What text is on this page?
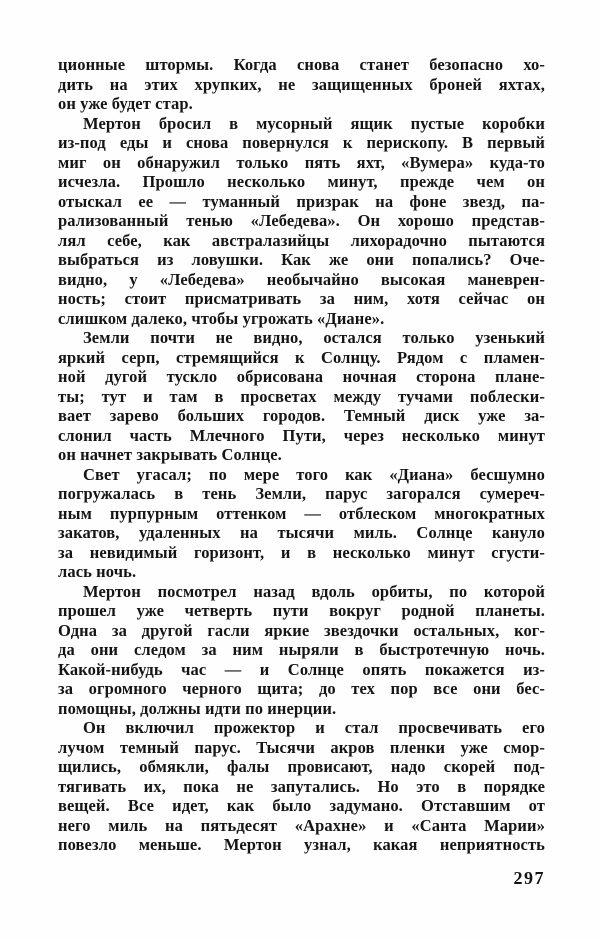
ционные штормы. Когда снова станет безопасно хо-
дить на этих хрупких, не защищенных броней яхтах,
он уже будет стар.
Мертон бросил в мусорный ящик пустые коробки
из-под еды и снова повернулся к перископу. В первый
миг он обнаружил только пять яхт, «Вумера» куда-то
исчезла. Прошло несколько минут, прежде чем он
отыскал ее — туманный призрак на фоне звезд, па-
рализованный тенью «Лебедева». Он хорошо представ-
лял себе, как австралазийцы лихорадочно пытаются
выбраться из ловушки. Как же они попались? Оче-
видно, у «Лебедева» необычайно высокая маневрен-
ность; стоит присматривать за ним, хотя сейчас он
слишком далеко, чтобы угрожать «Диане».
Земли почти не видно, остался только узенький
яркий серп, стремящийся к Солнцу. Рядом с пламен-
ной дугой тускло обрисована ночная сторона плане-
ты; тут и там в просветах между тучами поблески-
вает зарево больших городов. Темный диск уже за-
слонил часть Млечного Пути, через несколько минут
он начнет закрывать Солнце.
Свет угасал; по мере того как «Диана» бесшумно
погружалась в тень Земли, парус загорался сумереч-
ным пурпурным оттенком — отблеском многократных
закатов, удаленных на тысячи миль. Солнце кануло
за невидимый горизонт, и в несколько минут сгусти-
лась ночь.
Мертон посмотрел назад вдоль орбиты, по которой
прошел уже четверть пути вокруг родной планеты.
Одна за другой гасли яркие звездочки остальных, ког-
да они следом за ним ныряли в быстротечную ночь.
Какой-нибудь час — и Солнце опять покажется из-
за огромного черного щита; до тех пор все они бес-
помощны, должны идти по инерции.
Он включил прожектор и стал просвечивать его
лучом темный парус. Тысячи акров пленки уже смор-
щились, обмякли, фалы провисают, надо скорей под-
тягивать их, пока не запутались. Но это в порядке
вещей. Все идет, как было задумано. Отставшим от
него миль на пятьдесят «Арахне» и «Санта Марии»
повезло меньше. Мертон узнал, какая неприятность
297
